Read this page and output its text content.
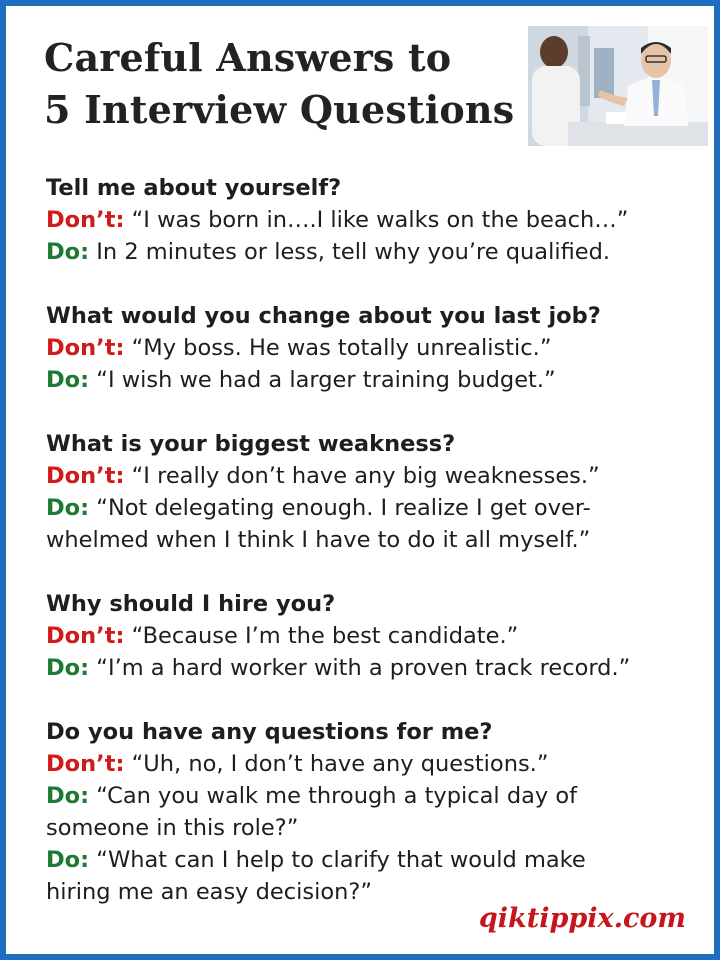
Careful Answers to
5 Interview Questions
Tell me about yourself?
Don’t: “I was born in….I like walks on the beach…”
Do: In 2 minutes or less, tell why you’re qualified.
What would you change about you last job?
Don’t: “My boss. He was totally unrealistic.”
Do: “I wish we had a larger training budget.”
What is your biggest weakness?
Don’t: “I really don’t have any big weaknesses.”
Do: “Not delegating enough. I realize I get over-
whelmed when I think I have to do it all myself.”
Why should I hire you?
Don’t: “Because I’m the best candidate.”
Do: “I’m a hard worker with a proven track record.”
Do you have any questions for me?
Don’t: “Uh, no, I don’t have any questions.”
Do: “Can you walk me through a typical day of
someone in this role?”
Do: “What can I help to clarify that would make
hiring me an easy decision?”
qiktippix.com
